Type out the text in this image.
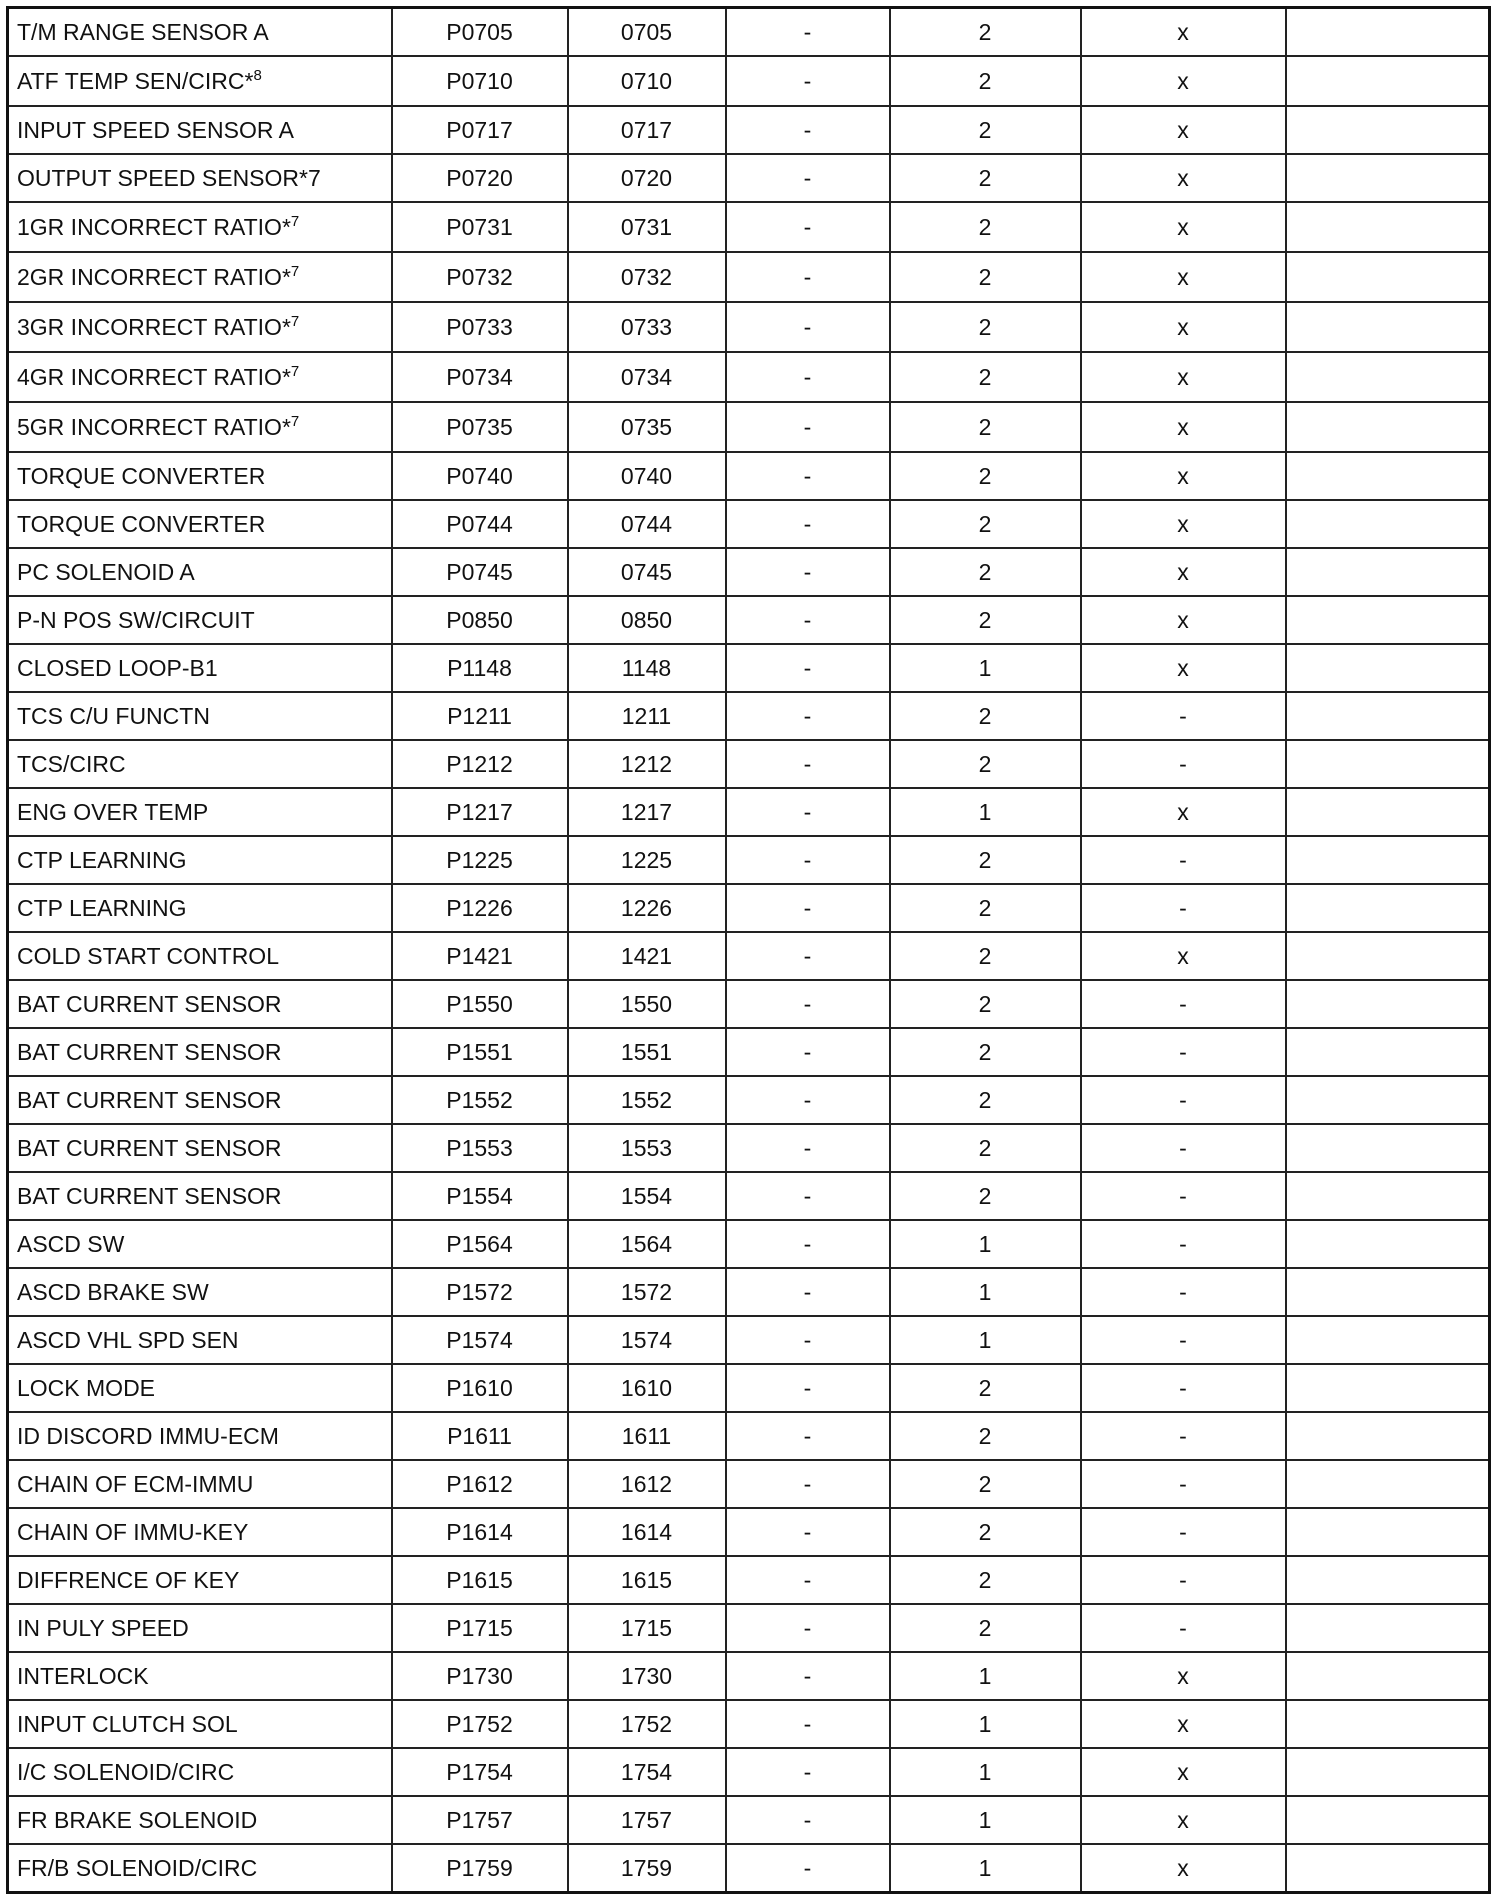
T/M RANGE SENSOR A	P0705	0705	-	2	x	
ATF TEMP SEN/CIRC*$^8$	P0710	0710	-	2	x	
INPUT SPEED SENSOR A	P0717	0717	-	2	x	
OUTPUT SPEED SENSOR*7	P0720	0720	-	2	x	
1GR INCORRECT RATIO*$^7$	P0731	0731	-	2	x	
2GR INCORRECT RATIO*$^7$	P0732	0732	-	2	x	
3GR INCORRECT RATIO*$^7$	P0733	0733	-	2	x	
4GR INCORRECT RATIO*$^7$	P0734	0734	-	2	x	
5GR INCORRECT RATIO*$^7$	P0735	0735	-	2	x	
TORQUE CONVERTER	P0740	0740	-	2	x	
TORQUE CONVERTER	P0744	0744	-	2	x	
PC SOLENOID A	P0745	0745	-	2	x	
P-N POS SW/CIRCUIT	P0850	0850	-	2	x	
CLOSED LOOP-B1	P1148	1148	-	1	x	
TCS C/U FUNCTN	P1211	1211	-	2	-	
TCS/CIRC	P1212	1212	-	2	-	
ENG OVER TEMP	P1217	1217	-	1	x	
CTP LEARNING	P1225	1225	-	2	-	
CTP LEARNING	P1226	1226	-	2	-	
COLD START CONTROL	P1421	1421	-	2	x	
BAT CURRENT SENSOR	P1550	1550	-	2	-	
BAT CURRENT SENSOR	P1551	1551	-	2	-	
BAT CURRENT SENSOR	P1552	1552	-	2	-	
BAT CURRENT SENSOR	P1553	1553	-	2	-	
BAT CURRENT SENSOR	P1554	1554	-	2	-	
ASCD SW	P1564	1564	-	1	-	
ASCD BRAKE SW	P1572	1572	-	1	-	
ASCD VHL SPD SEN	P1574	1574	-	1	-	
LOCK MODE	P1610	1610	-	2	-	
ID DISCORD IMMU-ECM	P1611	1611	-	2	-	
CHAIN OF ECM-IMMU	P1612	1612	-	2	-	
CHAIN OF IMMU-KEY	P1614	1614	-	2	-	
DIFFRENCE OF KEY	P1615	1615	-	2	-	
IN PULY SPEED	P1715	1715	-	2	-	
INTERLOCK	P1730	1730	-	1	x	
INPUT CLUTCH SOL	P1752	1752	-	1	x	
I/C SOLENOID/CIRC	P1754	1754	-	1	x	
FR BRAKE SOLENOID	P1757	1757	-	1	x	
FR/B SOLENOID/CIRC	P1759	1759	-	1	x	
